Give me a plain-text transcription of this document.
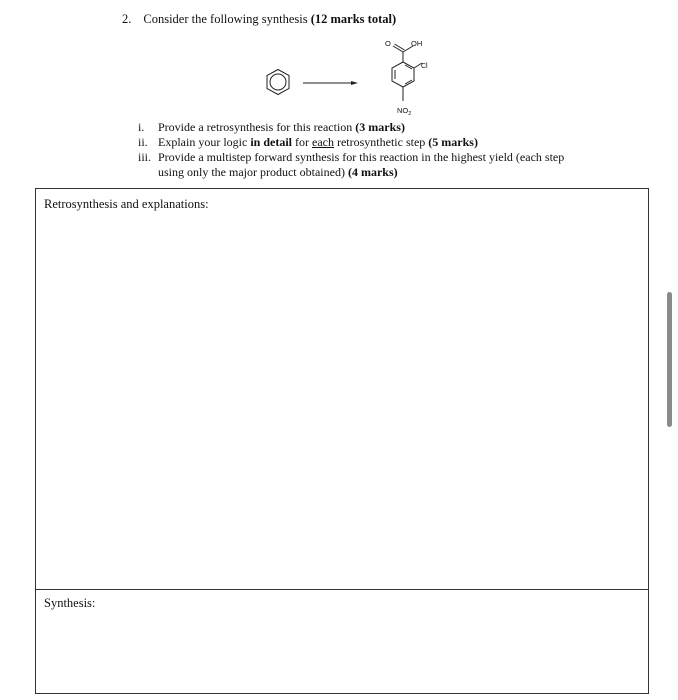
2. Consider the following synthesis (12 marks total)
O	OH
Cl
$NO_2$
i. Provide a retrosynthesis for this reaction (3 marks)
ii. Explain your logic in detail for each retrosynthetic step (5 marks)
iii. Provide a multistep forward synthesis for this reaction in the highest yield (each step using only the major product obtained) (4 marks)
Retrosynthesis and explanations:
Synthesis:
